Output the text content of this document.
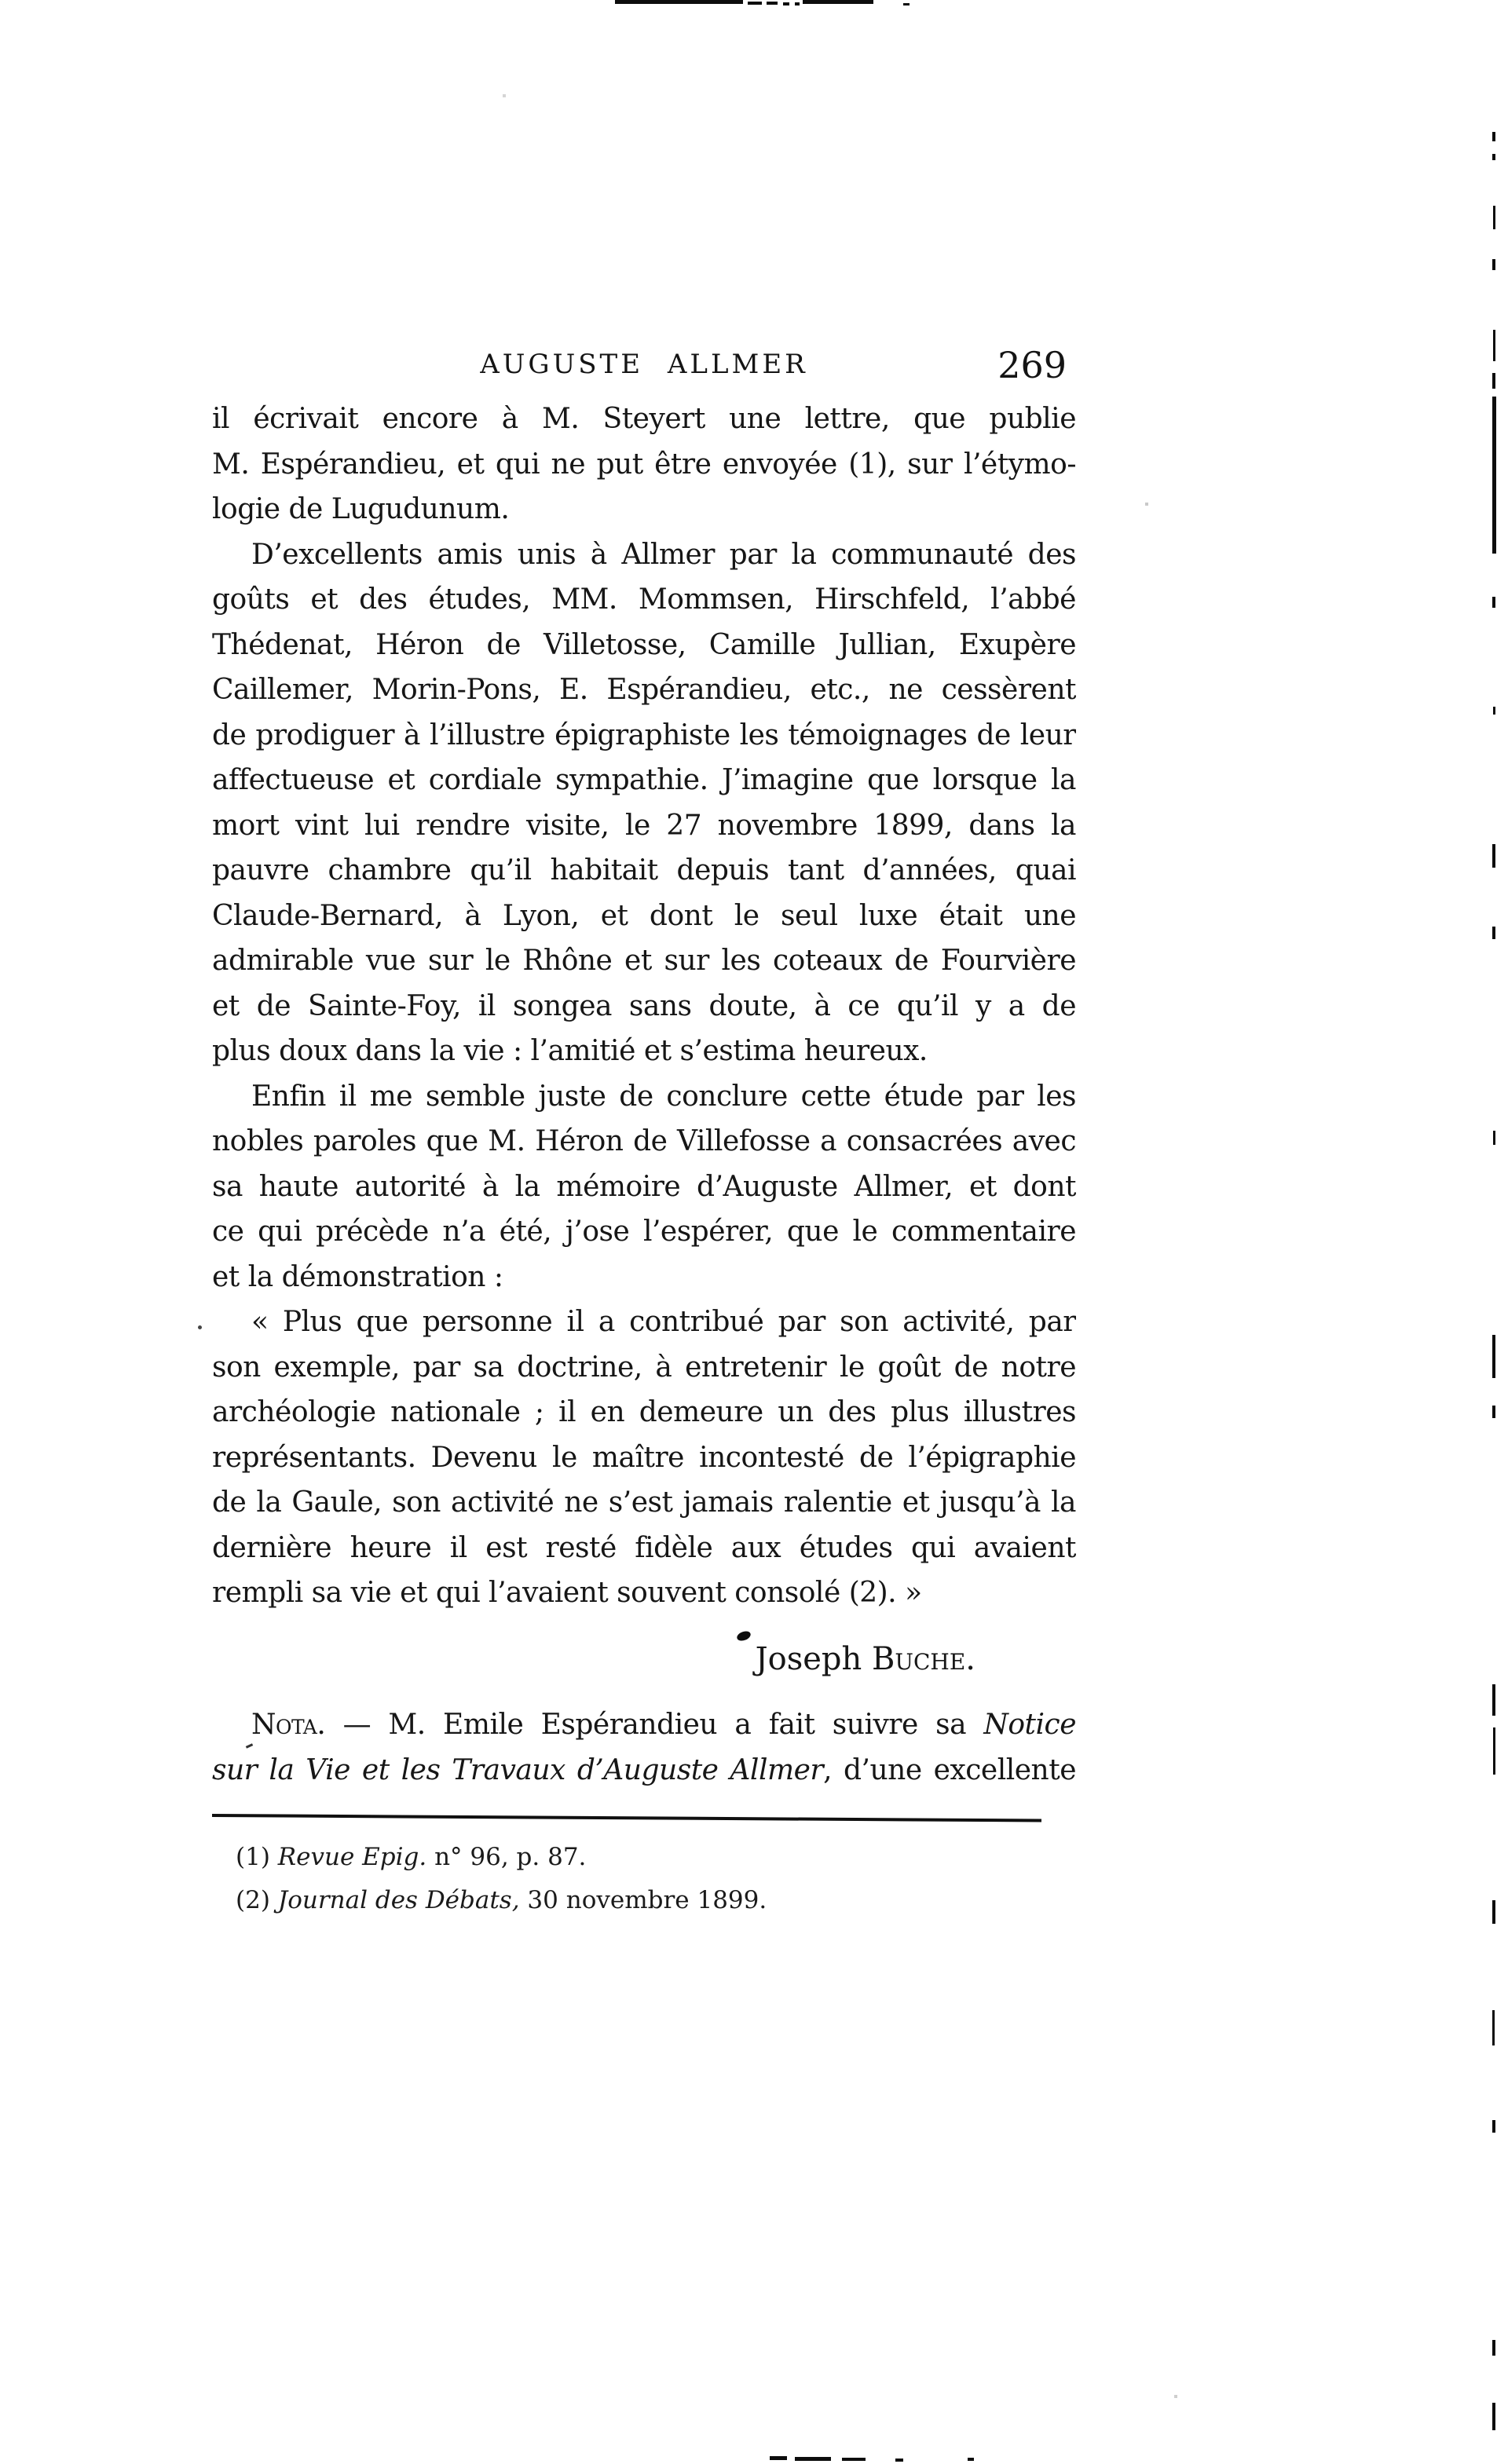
AUGUSTE ALLMER	269
il écrivait encore à M. Steyert une lettre, que publie
M. Espérandieu, et qui ne put être envoyée (1), sur l’étymo-
logie de Lugudunum.
D’excellents amis unis à Allmer par la communauté des
goûts et des études, MM. Mommsen, Hirschfeld, l’abbé
Thédenat, Héron de Villetosse, Camille Jullian, Exupère
Caillemer, Morin-Pons, E. Espérandieu, etc., ne cessèrent
de prodiguer à l’illustre épigraphiste les témoignages de leur
affectueuse et cordiale sympathie. J’imagine que lorsque la
mort vint lui rendre visite, le 27 novembre 1899, dans la
pauvre chambre qu’il habitait depuis tant d’années, quai
Claude-Bernard, à Lyon, et dont le seul luxe était une
admirable vue sur le Rhône et sur les coteaux de Fourvière
et de Sainte-Foy, il songea sans doute, à ce qu’il y a de
plus doux dans la vie : l’amitié et s’estima heureux.
Enfin il me semble juste de conclure cette étude par les
nobles paroles que M. Héron de Villefosse a consacrées avec
sa haute autorité à la mémoire d’Auguste Allmer, et dont
ce qui précède n’a été, j’ose l’espérer, que le commentaire
et la démonstration :
« Plus que personne il a contribué par son activité, par
son exemple, par sa doctrine, à entretenir le goût de notre
archéologie nationale ; il en demeure un des plus illustres
représentants. Devenu le maître incontesté de l’épigraphie
de la Gaule, son activité ne s’est jamais ralentie et jusqu’à la
dernière heure il est resté fidèle aux études qui avaient
rempli sa vie et qui l’avaient souvent consolé (2). »
Joseph Buche.
Nota. — M. Emile Espérandieu a fait suivre sa Notice
sur la Vie et les Travaux d’Auguste Allmer, d’une excellente
(1) Revue Epig. n° 96, p. 87.
(2) Journal des Débats, 30 novembre 1899.
